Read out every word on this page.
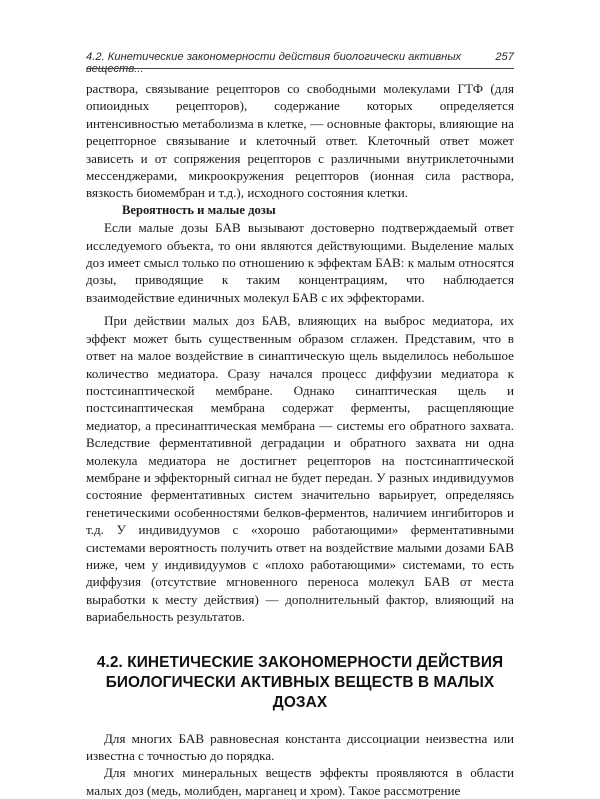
4.2. Кинетические закономерности действия биологически активных веществ...
257

раствора, связывание рецепторов со свободными молекулами ГТФ (для опиоидных рецепторов), содержание которых определяется интенсивностью метаболизма в клетке, — основные факторы, влияющие на рецепторное связывание и клеточный ответ. Клеточный ответ может зависеть и от сопряжения рецепторов с различными внутриклеточными мессенджерами, микроокружения рецепторов (ионная сила раствора, вязкость биомембран и т.д.), исходного состояния клетки.

Вероятность и малые дозы

Если малые дозы БАВ вызывают достоверно подтверждаемый ответ исследуемого объекта, то они являются действующими. Выделение малых доз имеет смысл только по отношению к эффектам БАВ: к малым относятся дозы, приводящие к таким концентрациям, что наблюдается взаимодействие единичных молекул БАВ с их эффекторами.

При действии малых доз БАВ, влияющих на выброс медиатора, их эффект может быть существенным образом сглажен. Представим, что в ответ на малое воздействие в синаптическую щель выделилось небольшое количество медиатора. Сразу начался процесс диффузии медиатора к постсинаптической мембране. Однако синаптическая щель и постсинаптическая мембрана содержат ферменты, расщепляющие медиатор, а пресинаптическая мембрана — системы его обратного захвата. Вследствие ферментативной деградации и обратного захвата ни одна молекула медиатора не достигнет рецепторов на постсинаптической мембране и эффекторный сигнал не будет передан. У разных индивидуумов состояние ферментативных систем значительно варьирует, определяясь генетическими особенностями белков-ферментов, наличием ингибиторов и т.д. У индивидуумов с «хорошо работающими» ферментативными системами вероятность получить ответ на воздействие малыми дозами БАВ ниже, чем у индивидуумов с «плохо работающими» системами, то есть диффузия (отсутствие мгновенного переноса молекул БАВ от места выработки к месту действия) — дополнительный фактор, влияющий на вариабельность результатов.

4.2. КИНЕТИЧЕСКИЕ ЗАКОНОМЕРНОСТИ ДЕЙСТВИЯ
БИОЛОГИЧЕСКИ АКТИВНЫХ ВЕЩЕСТВ В МАЛЫХ ДОЗАХ

Для многих БАВ равновесная константа диссоциации неизвестна или известна с точностью до порядка.

Для многих минеральных веществ эффекты проявляются в области малых доз (медь, молибден, марганец и хром). Такое рассмотрение
